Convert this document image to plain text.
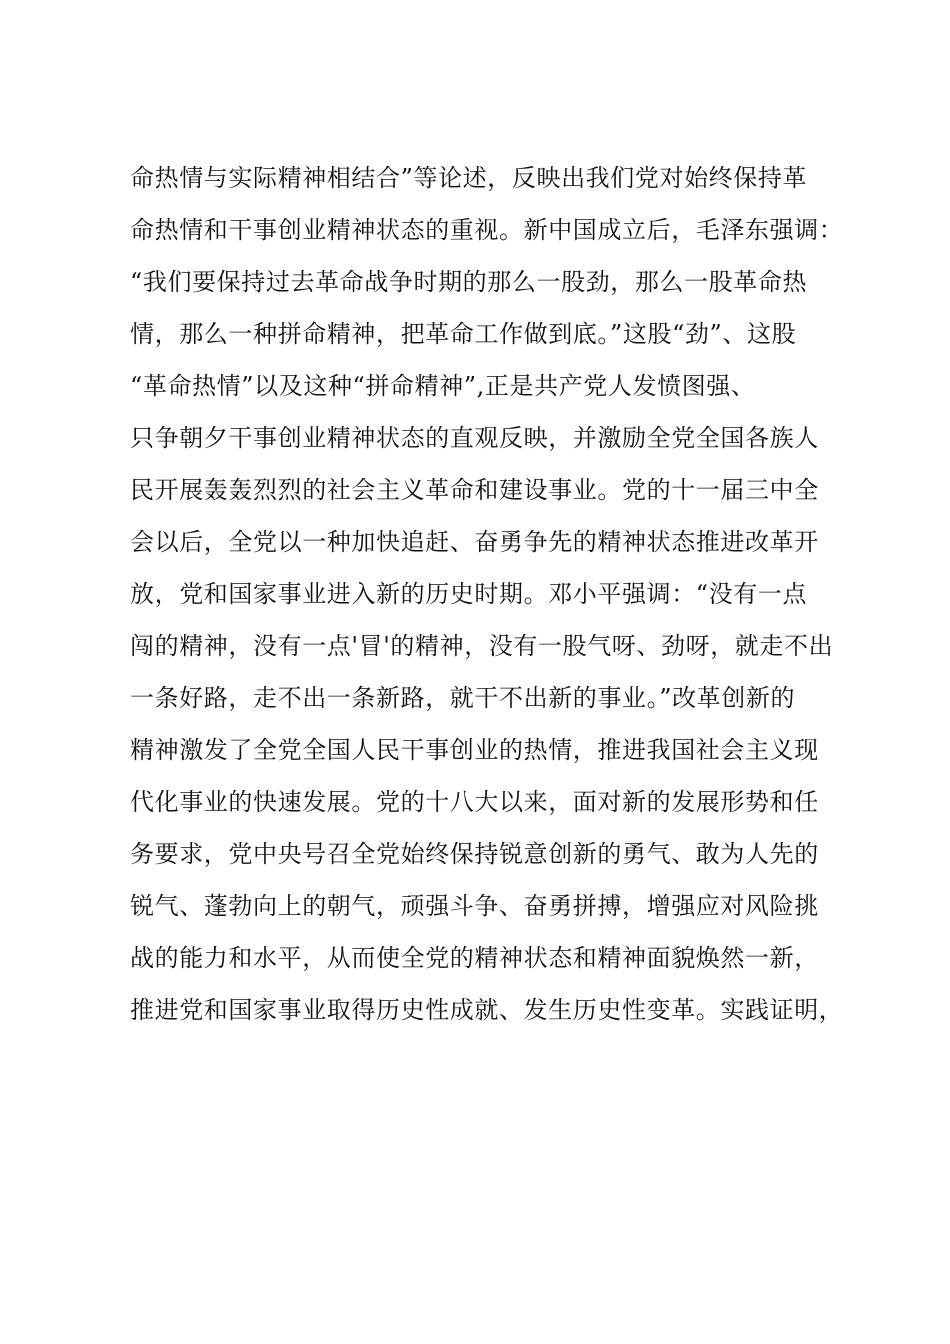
命热情与实际精神相结合”等论述，反映出我们党对始终保持革
命热情和干事创业精神状态的重视。新中国成立后，毛泽东强调：
“我们要保持过去革命战争时期的那么一股劲，那么一股革命热
情，那么一种拼命精神，把革命工作做到底。”这股“劲”、这股
“革命热情”以及这种“拼命精神”,正是共产党人发愤图强、
只争朝夕干事创业精神状态的直观反映，并激励全党全国各族人
民开展轰轰烈烈的社会主义革命和建设事业。党的十一届三中全
会以后，全党以一种加快追赶、奋勇争先的精神状态推进改革开
放，党和国家事业进入新的历史时期。邓小平强调：“没有一点
闯的精神，没有一点'冒'的精神，没有一股气呀、劲呀，就走不出
一条好路，走不出一条新路，就干不出新的事业。”改革创新的
精神激发了全党全国人民干事创业的热情，推进我国社会主义现
代化事业的快速发展。党的十八大以来，面对新的发展形势和任
务要求，党中央号召全党始终保持锐意创新的勇气、敢为人先的
锐气、蓬勃向上的朝气，顽强斗争、奋勇拼搏，增强应对风险挑
战的能力和水平，从而使全党的精神状态和精神面貌焕然一新，
推进党和国家事业取得历史性成就、发生历史性变革。实践证明，
